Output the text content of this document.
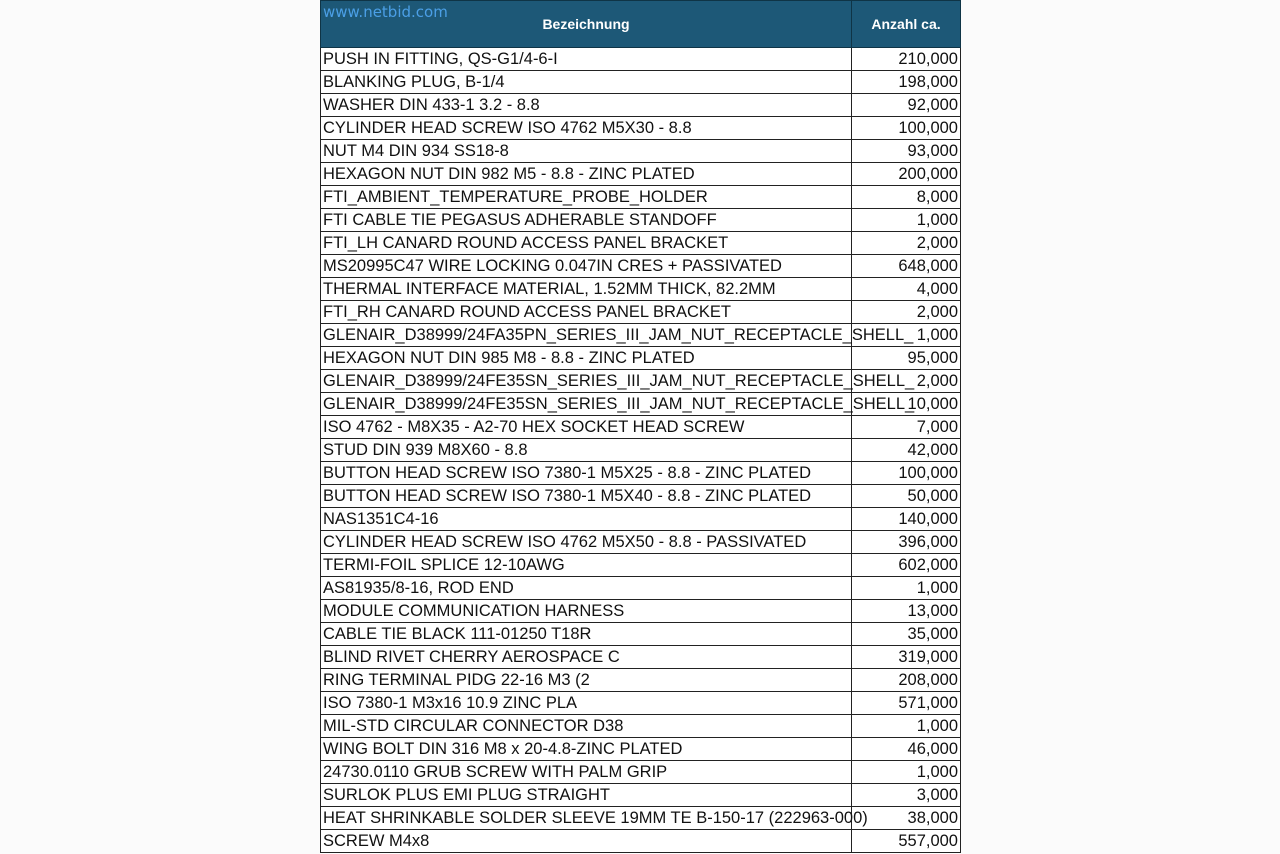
www.netbid.com
Bezeichnung	Anzahl ca.
PUSH IN FITTING, QS-G1/4-6-I	210,000
BLANKING PLUG, B-1/4	198,000
WASHER DIN 433-1 3.2 - 8.8	92,000
CYLINDER HEAD SCREW ISO 4762 M5X30 - 8.8	100,000
NUT M4 DIN 934 SS18-8	93,000
HEXAGON NUT DIN 982 M5 - 8.8 - ZINC PLATED	200,000
FTI_AMBIENT_TEMPERATURE_PROBE_HOLDER	8,000
FTI CABLE TIE PEGASUS ADHERABLE STANDOFF	1,000
FTI_LH CANARD ROUND ACCESS PANEL BRACKET	2,000
MS20995C47 WIRE LOCKING 0.047IN CRES + PASSIVATED	648,000
THERMAL INTERFACE MATERIAL, 1.52MM THICK, 82.2MM	4,000
FTI_RH CANARD ROUND ACCESS PANEL BRACKET	2,000
GLENAIR_D38999/24FA35PN_SERIES_III_JAM_NUT_RECEPTACLE_SHELL_	1,000
HEXAGON NUT DIN 985 M8 - 8.8 - ZINC PLATED	95,000
GLENAIR_D38999/24FE35SN_SERIES_III_JAM_NUT_RECEPTACLE_SHELL_	2,000
GLENAIR_D38999/24FE35SN_SERIES_III_JAM_NUT_RECEPTACLE_SHELL_	10,000
ISO 4762 - M8X35 - A2-70 HEX SOCKET HEAD SCREW	7,000
STUD DIN 939 M8X60 - 8.8	42,000
BUTTON HEAD SCREW ISO 7380-1 M5X25 - 8.8 - ZINC PLATED	100,000
BUTTON HEAD SCREW ISO 7380-1 M5X40 - 8.8 - ZINC PLATED	50,000
NAS1351C4-16	140,000
CYLINDER HEAD SCREW ISO 4762 M5X50 - 8.8 - PASSIVATED	396,000
TERMI-FOIL SPLICE 12-10AWG	602,000
AS81935/8-16, ROD END	1,000
MODULE COMMUNICATION HARNESS	13,000
CABLE TIE BLACK 111-01250 T18R	35,000
BLIND RIVET CHERRY AEROSPACE C	319,000
RING TERMINAL PIDG 22-16 M3 (2	208,000
ISO 7380-1 M3x16 10.9 ZINC PLA	571,000
MIL-STD CIRCULAR CONNECTOR D38	1,000
WING BOLT DIN 316 M8 x 20-4.8-ZINC PLATED	46,000
24730.0110 GRUB SCREW WITH PALM GRIP	1,000
SURLOK PLUS EMI PLUG STRAIGHT	3,000
HEAT SHRINKABLE SOLDER SLEEVE 19MM TE B-150-17 (222963-000)	38,000
SCREW M4x8	557,000
